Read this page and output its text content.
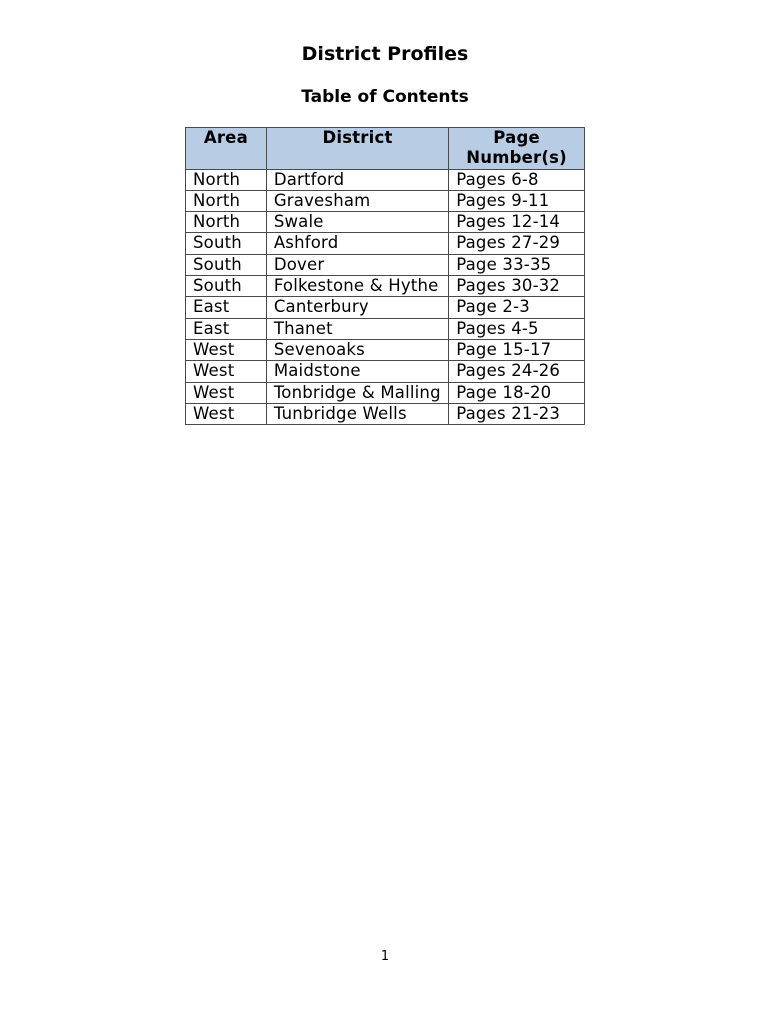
District Profiles
Table of Contents
Area	District	Page Number(s)
North	Dartford	Pages 6-8
North	Gravesham	Pages 9-11
North	Swale	Pages 12-14
South	Ashford	Pages 27-29
South	Dover	Page 33-35
South	Folkestone & Hythe	Pages 30-32
East	Canterbury	Page 2-3
East	Thanet	Pages 4-5
West	Sevenoaks	Page 15-17
West	Maidstone	Pages 24-26
West	Tonbridge & Malling	Page 18-20
West	Tunbridge Wells	Pages 21-23
1
